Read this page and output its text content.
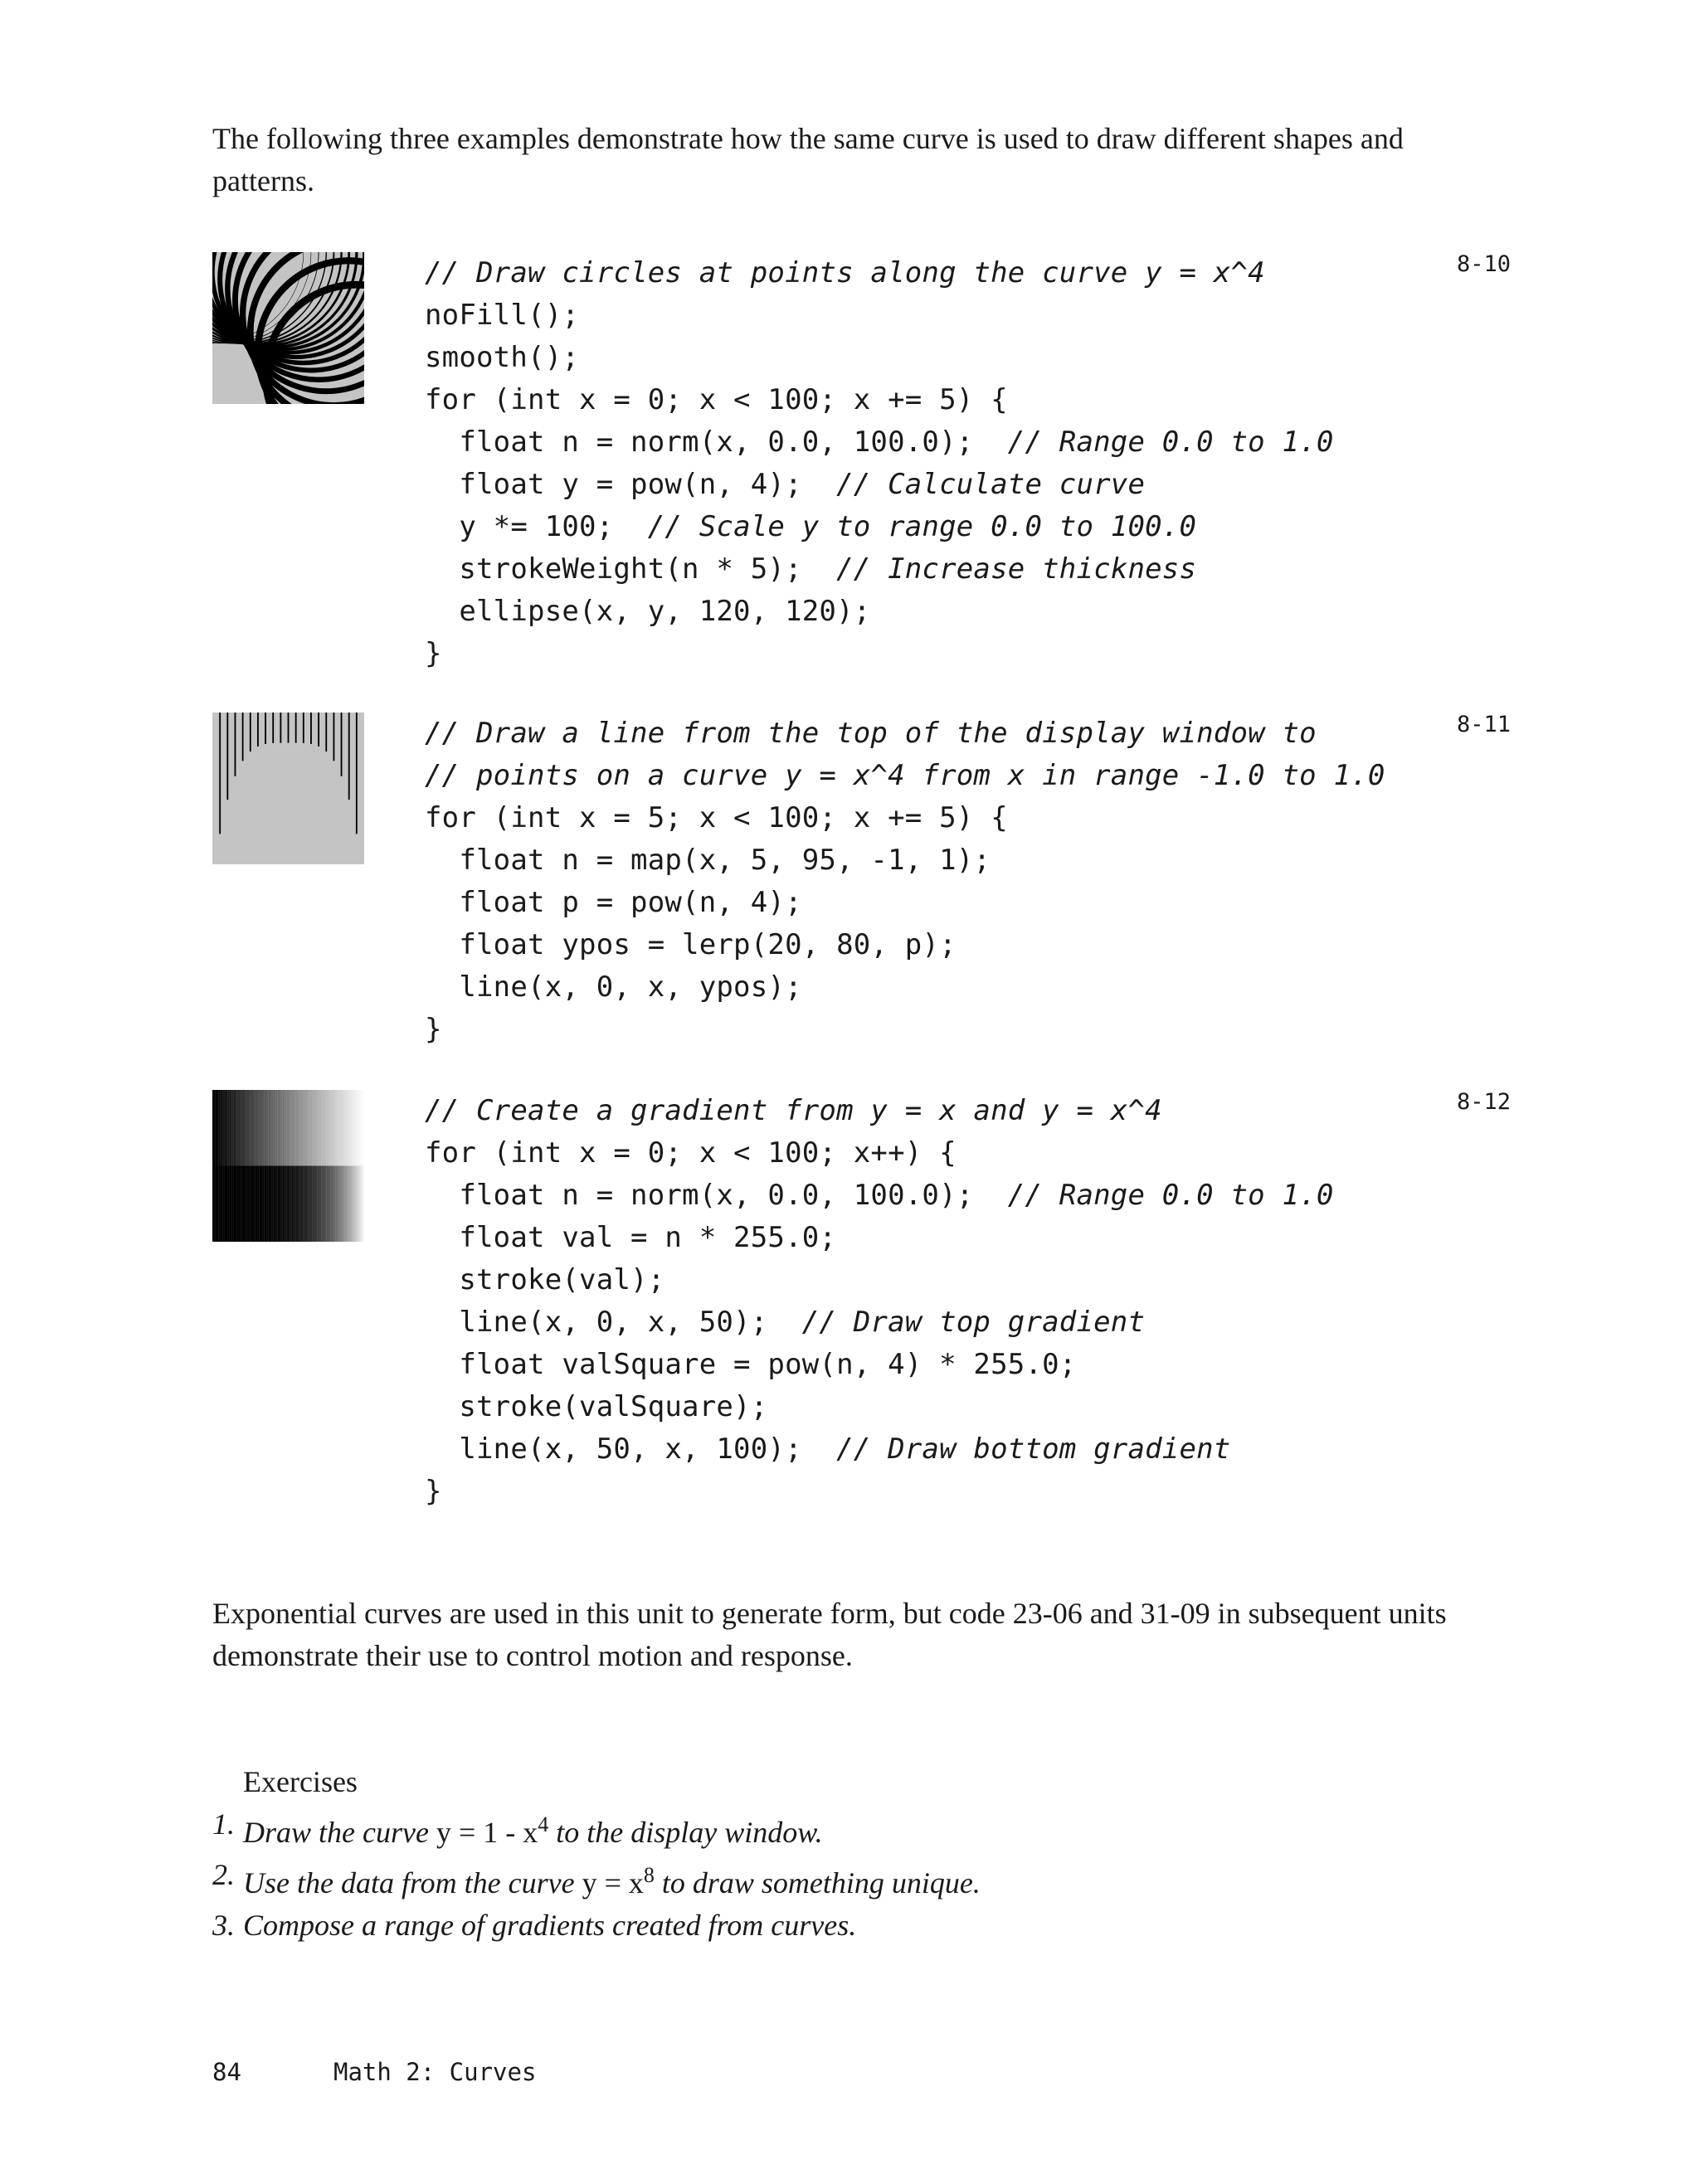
The following three examples demonstrate how the same curve is used to draw different shapes and patterns.

// Draw circles at points along the curve y = x^4
noFill();
smooth();
for (int x = 0; x < 100; x += 5) {
float n = norm(x, 0.0, 100.0);  // Range 0.0 to 1.0
float y = pow(n, 4);  // Calculate curve
y *= 100;  // Scale y to range 0.0 to 100.0
strokeWeight(n * 5);  // Increase thickness
ellipse(x, y, 120, 120);
}
8-10
// Draw a line from the top of the display window to
// points on a curve y = x^4 from x in range -1.0 to 1.0
for (int x = 5; x < 100; x += 5) {
float n = map(x, 5, 95, -1, 1);
float p = pow(n, 4);
float ypos = lerp(20, 80, p);
line(x, 0, x, ypos);
}
8-11
// Create a gradient from y = x and y = x^4
for (int x = 0; x < 100; x++) {
float n = norm(x, 0.0, 100.0);  // Range 0.0 to 1.0
float val = n * 255.0;
stroke(val);
line(x, 0, x, 50);  // Draw top gradient
float valSquare = pow(n, 4) * 255.0;
stroke(valSquare);
line(x, 50, x, 100);  // Draw bottom gradient
}
8-12

Exponential curves are used in this unit to generate form, but code 23-06 and 31-09 in subsequent units demonstrate their use to control motion and response.

Exercises
1. Draw the curve $y = 1 - x^4$ to the display window.
2. Use the data from the curve $y = x^8$ to draw something unique.
3. Compose a range of gradients created from curves.
84	Math 2: Curves
